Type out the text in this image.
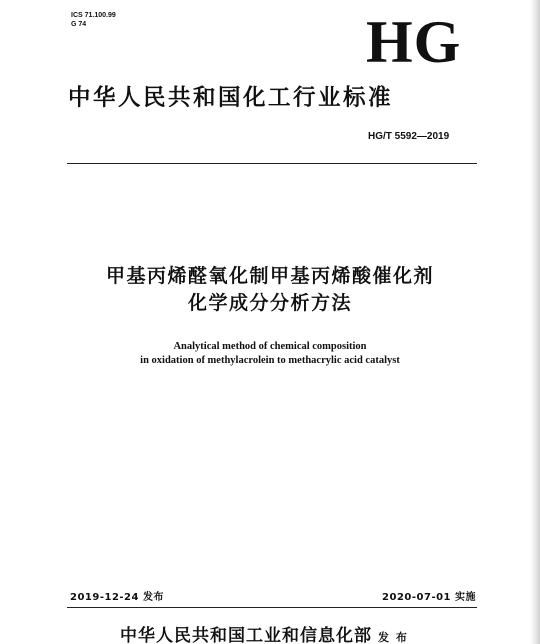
ICS 71.100.99
G 74	HG
中华人民共和国化工行业标准
HG/T 5592—2019
甲基丙烯醛氧化制甲基丙烯酸催化剂
化学成分分析方法
Analytical method of chemical composition
in oxidation of methylacrolein to methacrylic acid catalyst
2019-12-24 发布	2020-07-01 实施
中华人民共和国工业和信息化部 发 布
